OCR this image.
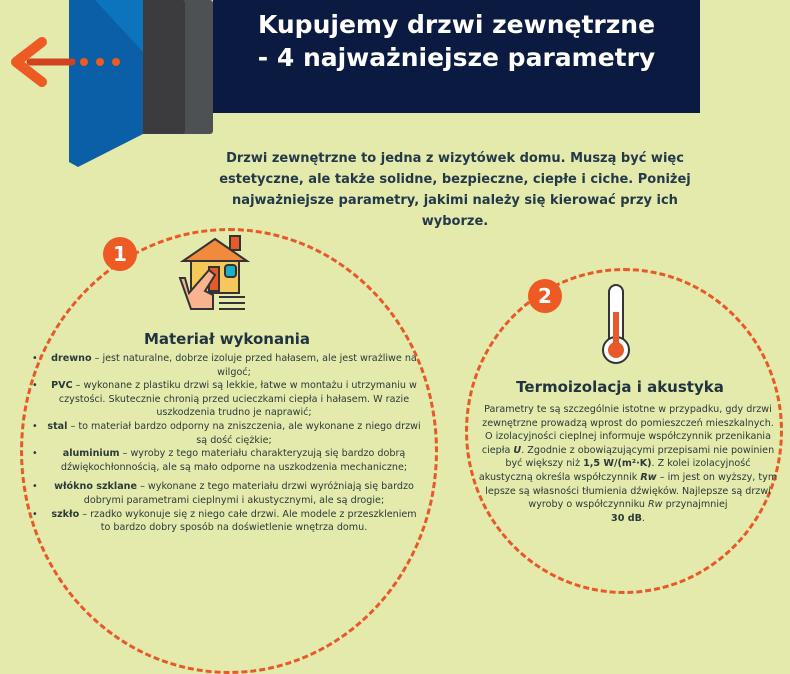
Kupujemy drzwi zewnętrzne
- 4 najważniejsze parametry
Drzwi zewnętrzne to jedna z wizytówek domu. Muszą być więc estetyczne, ale także solidne, bezpieczne, ciepłe i ciche. Poniżej najważniejsze parametry, jakimi należy się kierować przy ich wyborze.
1
Materiał wykonania
• drewno – jest naturalne, dobrze izoluje przed hałasem, ale jest wrażliwe na wilgoć;
• PVC – wykonane z plastiku drzwi są lekkie, łatwe w montażu i utrzymaniu w czystości. Skutecznie chronią przed ucieczkami ciepła i hałasem. W razie uszkodzenia trudno je naprawić;
• stal – to materiał bardzo odporny na zniszczenia, ale wykonane z niego drzwi są dość ciężkie;
• aluminium – wyroby z tego materiału charakteryzują się bardzo dobrą dźwiękochłonnością, ale są mało odporne na uszkodzenia mechaniczne;
• włókno szklane – wykonane z tego materiału drzwi wyróżniają się bardzo dobrymi parametrami cieplnymi i akustycznymi, ale są drogie;
• szkło – rzadko wykonuje się z niego całe drzwi. Ale modele z przeszkleniem to bardzo dobry sposób na doświetlenie wnętrza domu.
2
Termoizolacja i akustyka
Parametry te są szczególnie istotne w przypadku, gdy drzwi zewnętrzne prowadzą wprost do pomieszczeń mieszkalnych. O izolacyjności cieplnej informuje współczynnik przenikania ciepła U. Zgodnie z obowiązującymi przepisami nie powinien być większy niż 1,5 W/(m²·K). Z kolei izolacyjność akustyczną określa współczynnik Rw – im jest on wyższy, tym lepsze są własności tłumienia dźwięków. Najlepsze są drzwi wyroby o współczynniku Rw przynajmniej
30 dB.
